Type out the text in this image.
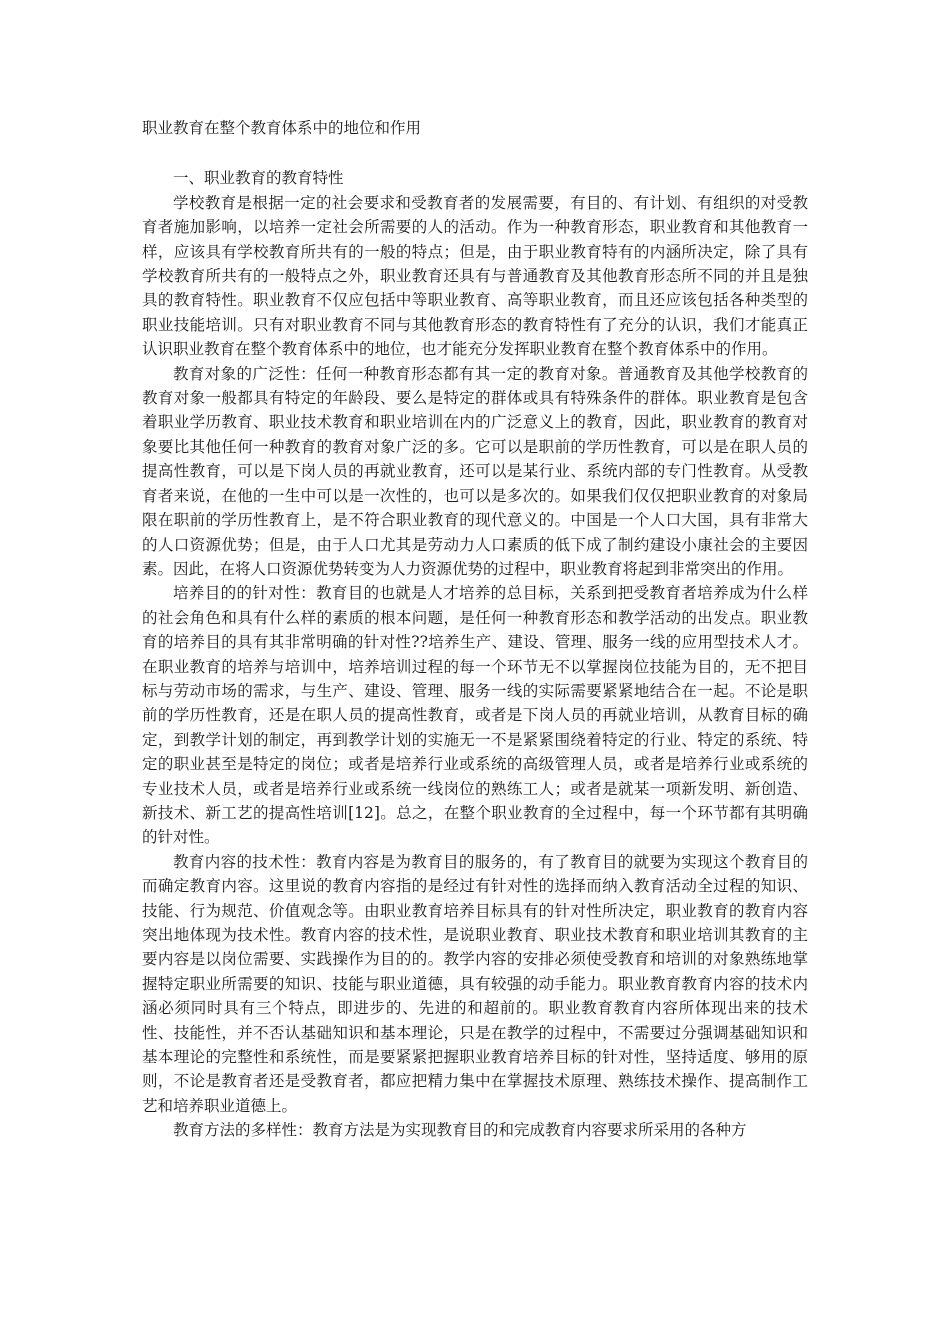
职业教育在整个教育体系中的地位和作用

一、职业教育的教育特性

学校教育是根据一定的社会要求和受教育者的发展需要，有目的、有计划、有组织的对受教育者施加影响，以培养一定社会所需要的人的活动。作为一种教育形态，职业教育和其他教育一样，应该具有学校教育所共有的一般的特点；但是，由于职业教育特有的内涵所决定，除了具有学校教育所共有的一般特点之外，职业教育还具有与普通教育及其他教育形态所不同的并且是独具的教育特性。职业教育不仅应包括中等职业教育、高等职业教育，而且还应该包括各种类型的职业技能培训。只有对职业教育不同与其他教育形态的教育特性有了充分的认识，我们才能真正认识职业教育在整个教育体系中的地位，也才能充分发挥职业教育在整个教育体系中的作用。

教育对象的广泛性：任何一种教育形态都有其一定的教育对象。普通教育及其他学校教育的教育对象一般都具有特定的年龄段、要么是特定的群体或具有特殊条件的群体。职业教育是包含着职业学历教育、职业技术教育和职业培训在内的广泛意义上的教育，因此，职业教育的教育对象要比其他任何一种教育的教育对象广泛的多。它可以是职前的学历性教育，可以是在职人员的提高性教育，可以是下岗人员的再就业教育，还可以是某行业、系统内部的专门性教育。从受教育者来说，在他的一生中可以是一次性的，也可以是多次的。如果我们仅仅把职业教育的对象局限在职前的学历性教育上，是不符合职业教育的现代意义的。中国是一个人口大国，具有非常大的人口资源优势；但是，由于人口尤其是劳动力人口素质的低下成了制约建设小康社会的主要因素。因此，在将人口资源优势转变为人力资源优势的过程中，职业教育将起到非常突出的作用。

培养目的的针对性：教育目的也就是人才培养的总目标，关系到把受教育者培养成为什么样的社会角色和具有什么样的素质的根本问题，是任何一种教育形态和教学活动的出发点。职业教育的培养目的具有其非常明确的针对性??培养生产、建设、管理、服务一线的应用型技术人才。在职业教育的培养与培训中，培养培训过程的每一个环节无不以掌握岗位技能为目的，无不把目标与劳动市场的需求，与生产、建设、管理、服务一线的实际需要紧紧地结合在一起。不论是职前的学历性教育，还是在职人员的提高性教育，或者是下岗人员的再就业培训，从教育目标的确定，到教学计划的制定，再到教学计划的实施无一不是紧紧围绕着特定的行业、特定的系统、特定的职业甚至是特定的岗位；或者是培养行业或系统的高级管理人员，或者是培养行业或系统的专业技术人员，或者是培养行业或系统一线岗位的熟练工人；或者是就某一项新发明、新创造、新技术、新工艺的提高性培训[12]。总之，在整个职业教育的全过程中，每一个环节都有其明确的针对性。

教育内容的技术性：教育内容是为教育目的服务的，有了教育目的就要为实现这个教育目的而确定教育内容。这里说的教育内容指的是经过有针对性的选择而纳入教育活动全过程的知识、技能、行为规范、价值观念等。由职业教育培养目标具有的针对性所决定，职业教育的教育内容突出地体现为技术性。教育内容的技术性，是说职业教育、职业技术教育和职业培训其教育的主要内容是以岗位需要、实践操作为目的的。教学内容的安排必须使受教育和培训的对象熟练地掌握特定职业所需要的知识、技能与职业道德，具有较强的动手能力。职业教育教育内容的技术内涵必须同时具有三个特点，即进步的、先进的和超前的。职业教育教育内容所体现出来的技术性、技能性，并不否认基础知识和基本理论，只是在教学的过程中，不需要过分强调基础知识和基本理论的完整性和系统性，而是要紧紧把握职业教育培养目标的针对性，坚持适度、够用的原则，不论是教育者还是受教育者，都应把精力集中在掌握技术原理、熟练技术操作、提高制作工艺和培养职业道德上。

教育方法的多样性：教育方法是为实现教育目的和完成教育内容要求所采用的各种方
